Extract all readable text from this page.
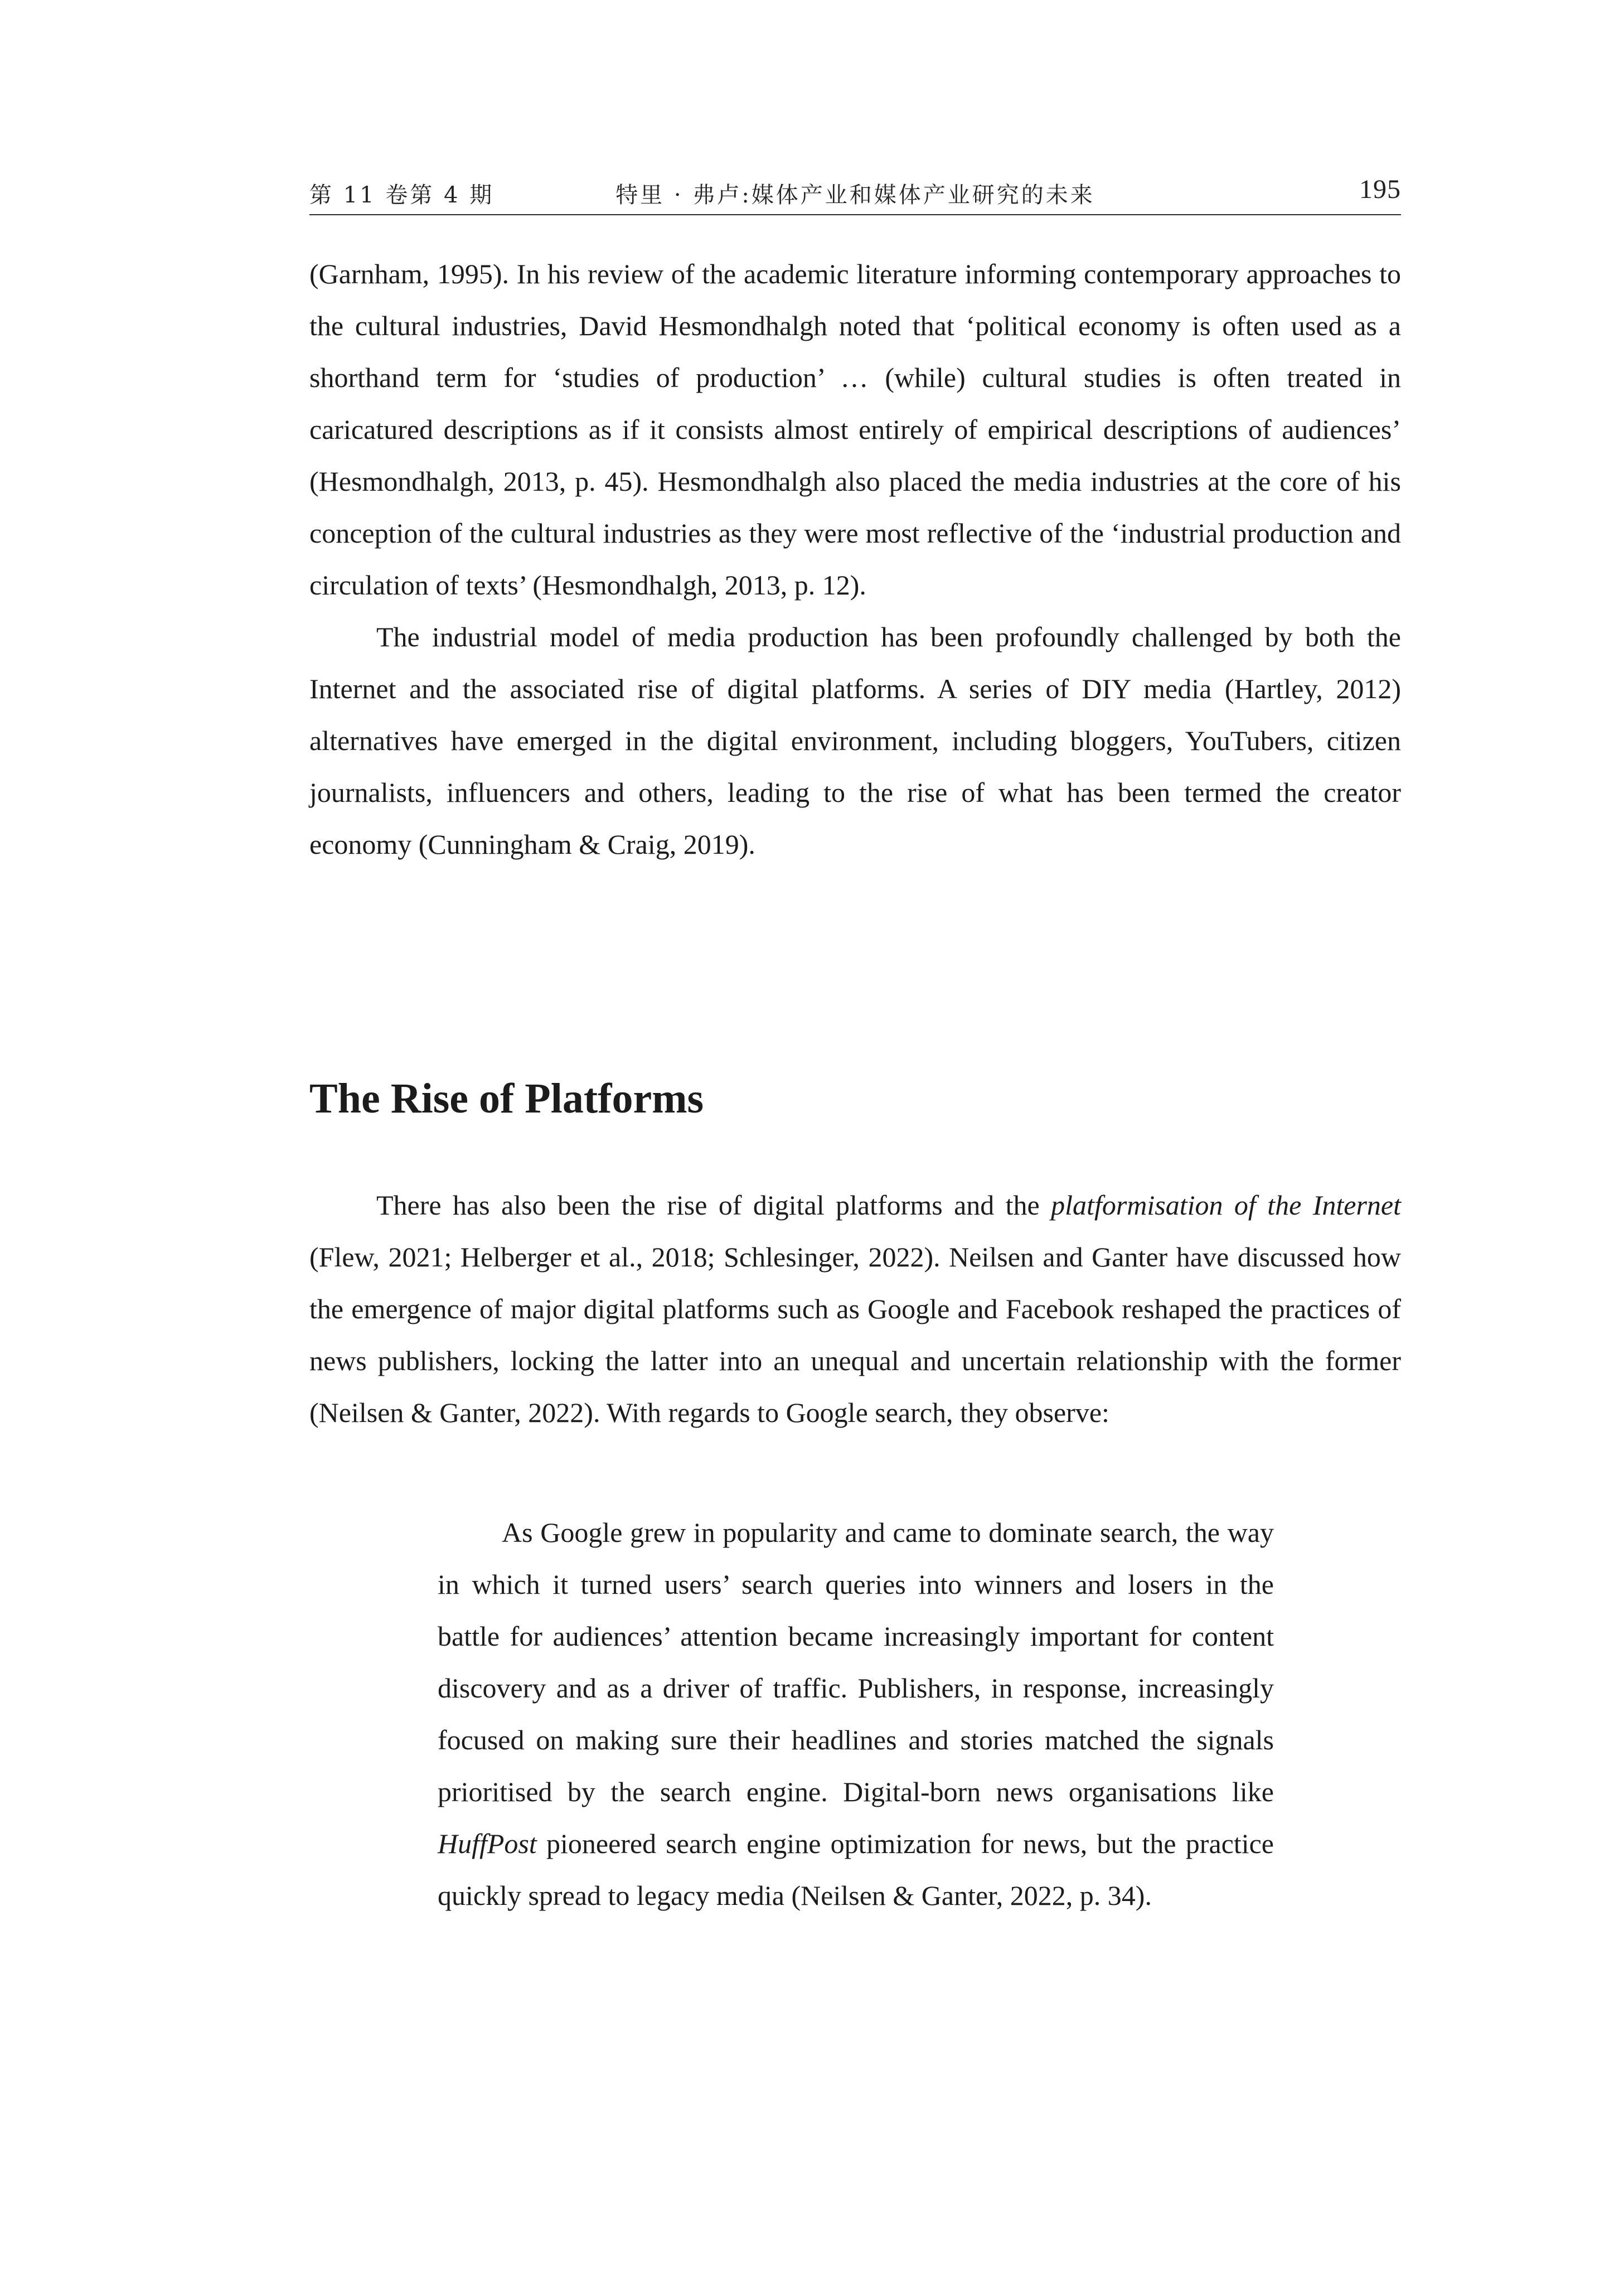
第 11 卷第 4 期	特里 · 弗卢:媒体产业和媒体产业研究的未来	195

(Garnham, 1995). In his review of the academic literature informing contemporary approaches to the cultural industries, David Hesmondhalgh noted that ‘political economy is often used as a shorthand term for ‘studies of production’ … (while) cultural studies is often treated in caricatured descriptions as if it consists almost entirely of empirical descriptions of audiences’ (Hesmondhalgh, 2013, p. 45). Hesmondhalgh also placed the media industries at the core of his conception of the cultural industries as they were most reflective of the ‘industrial production and circulation of texts’ (Hesmondhalgh, 2013, p. 12).

The industrial model of media production has been profoundly challenged by both the Internet and the associated rise of digital platforms. A series of DIY media (Hartley, 2012) alternatives have emerged in the digital environment, including bloggers, YouTubers, citizen journalists, influencers and others, leading to the rise of what has been termed the creator economy (Cunningham & Craig, 2019).

The Rise of Platforms

There has also been the rise of digital platforms and the platformisation of the Internet (Flew, 2021; Helberger et al., 2018; Schlesinger, 2022). Neilsen and Ganter have discussed how the emergence of major digital platforms such as Google and Facebook reshaped the practices of news publishers, locking the latter into an unequal and uncertain relationship with the former (Neilsen & Ganter, 2022). With regards to Google search, they observe:

As Google grew in popularity and came to dominate search, the way in which it turned users’ search queries into winners and losers in the battle for audiences’ attention became increasingly important for content discovery and as a driver of traffic. Publishers, in response, increasingly focused on making sure their headlines and stories matched the signals prioritised by the search engine. Digital-born news organisations like HuffPost pioneered search engine optimization for news, but the practice quickly spread to legacy media (Neilsen & Ganter, 2022, p. 34).
